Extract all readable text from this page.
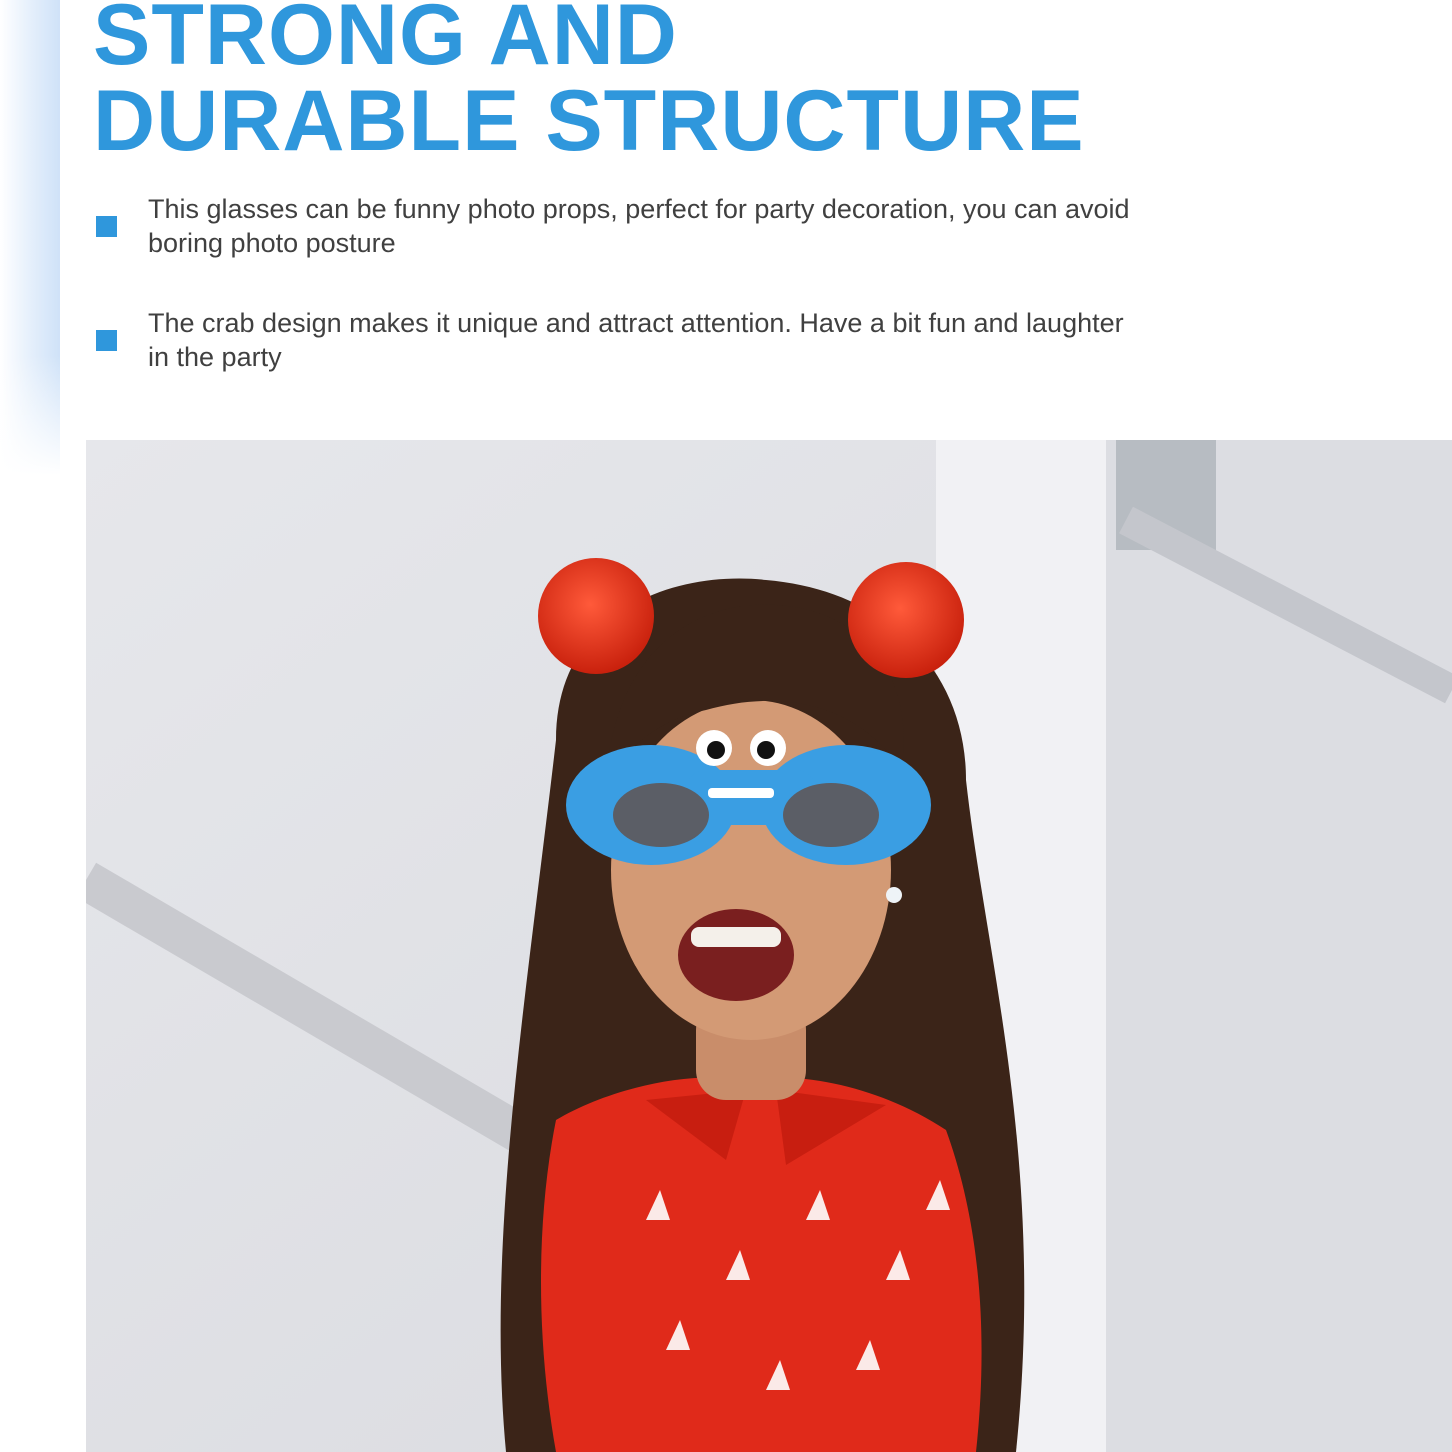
STRONG AND
DURABLE STRUCTURE
This glasses can be funny photo props, perfect for party decoration, you can avoid boring photo posture
The crab design makes it unique and attract attention. Have a bit fun and laughter in the party
